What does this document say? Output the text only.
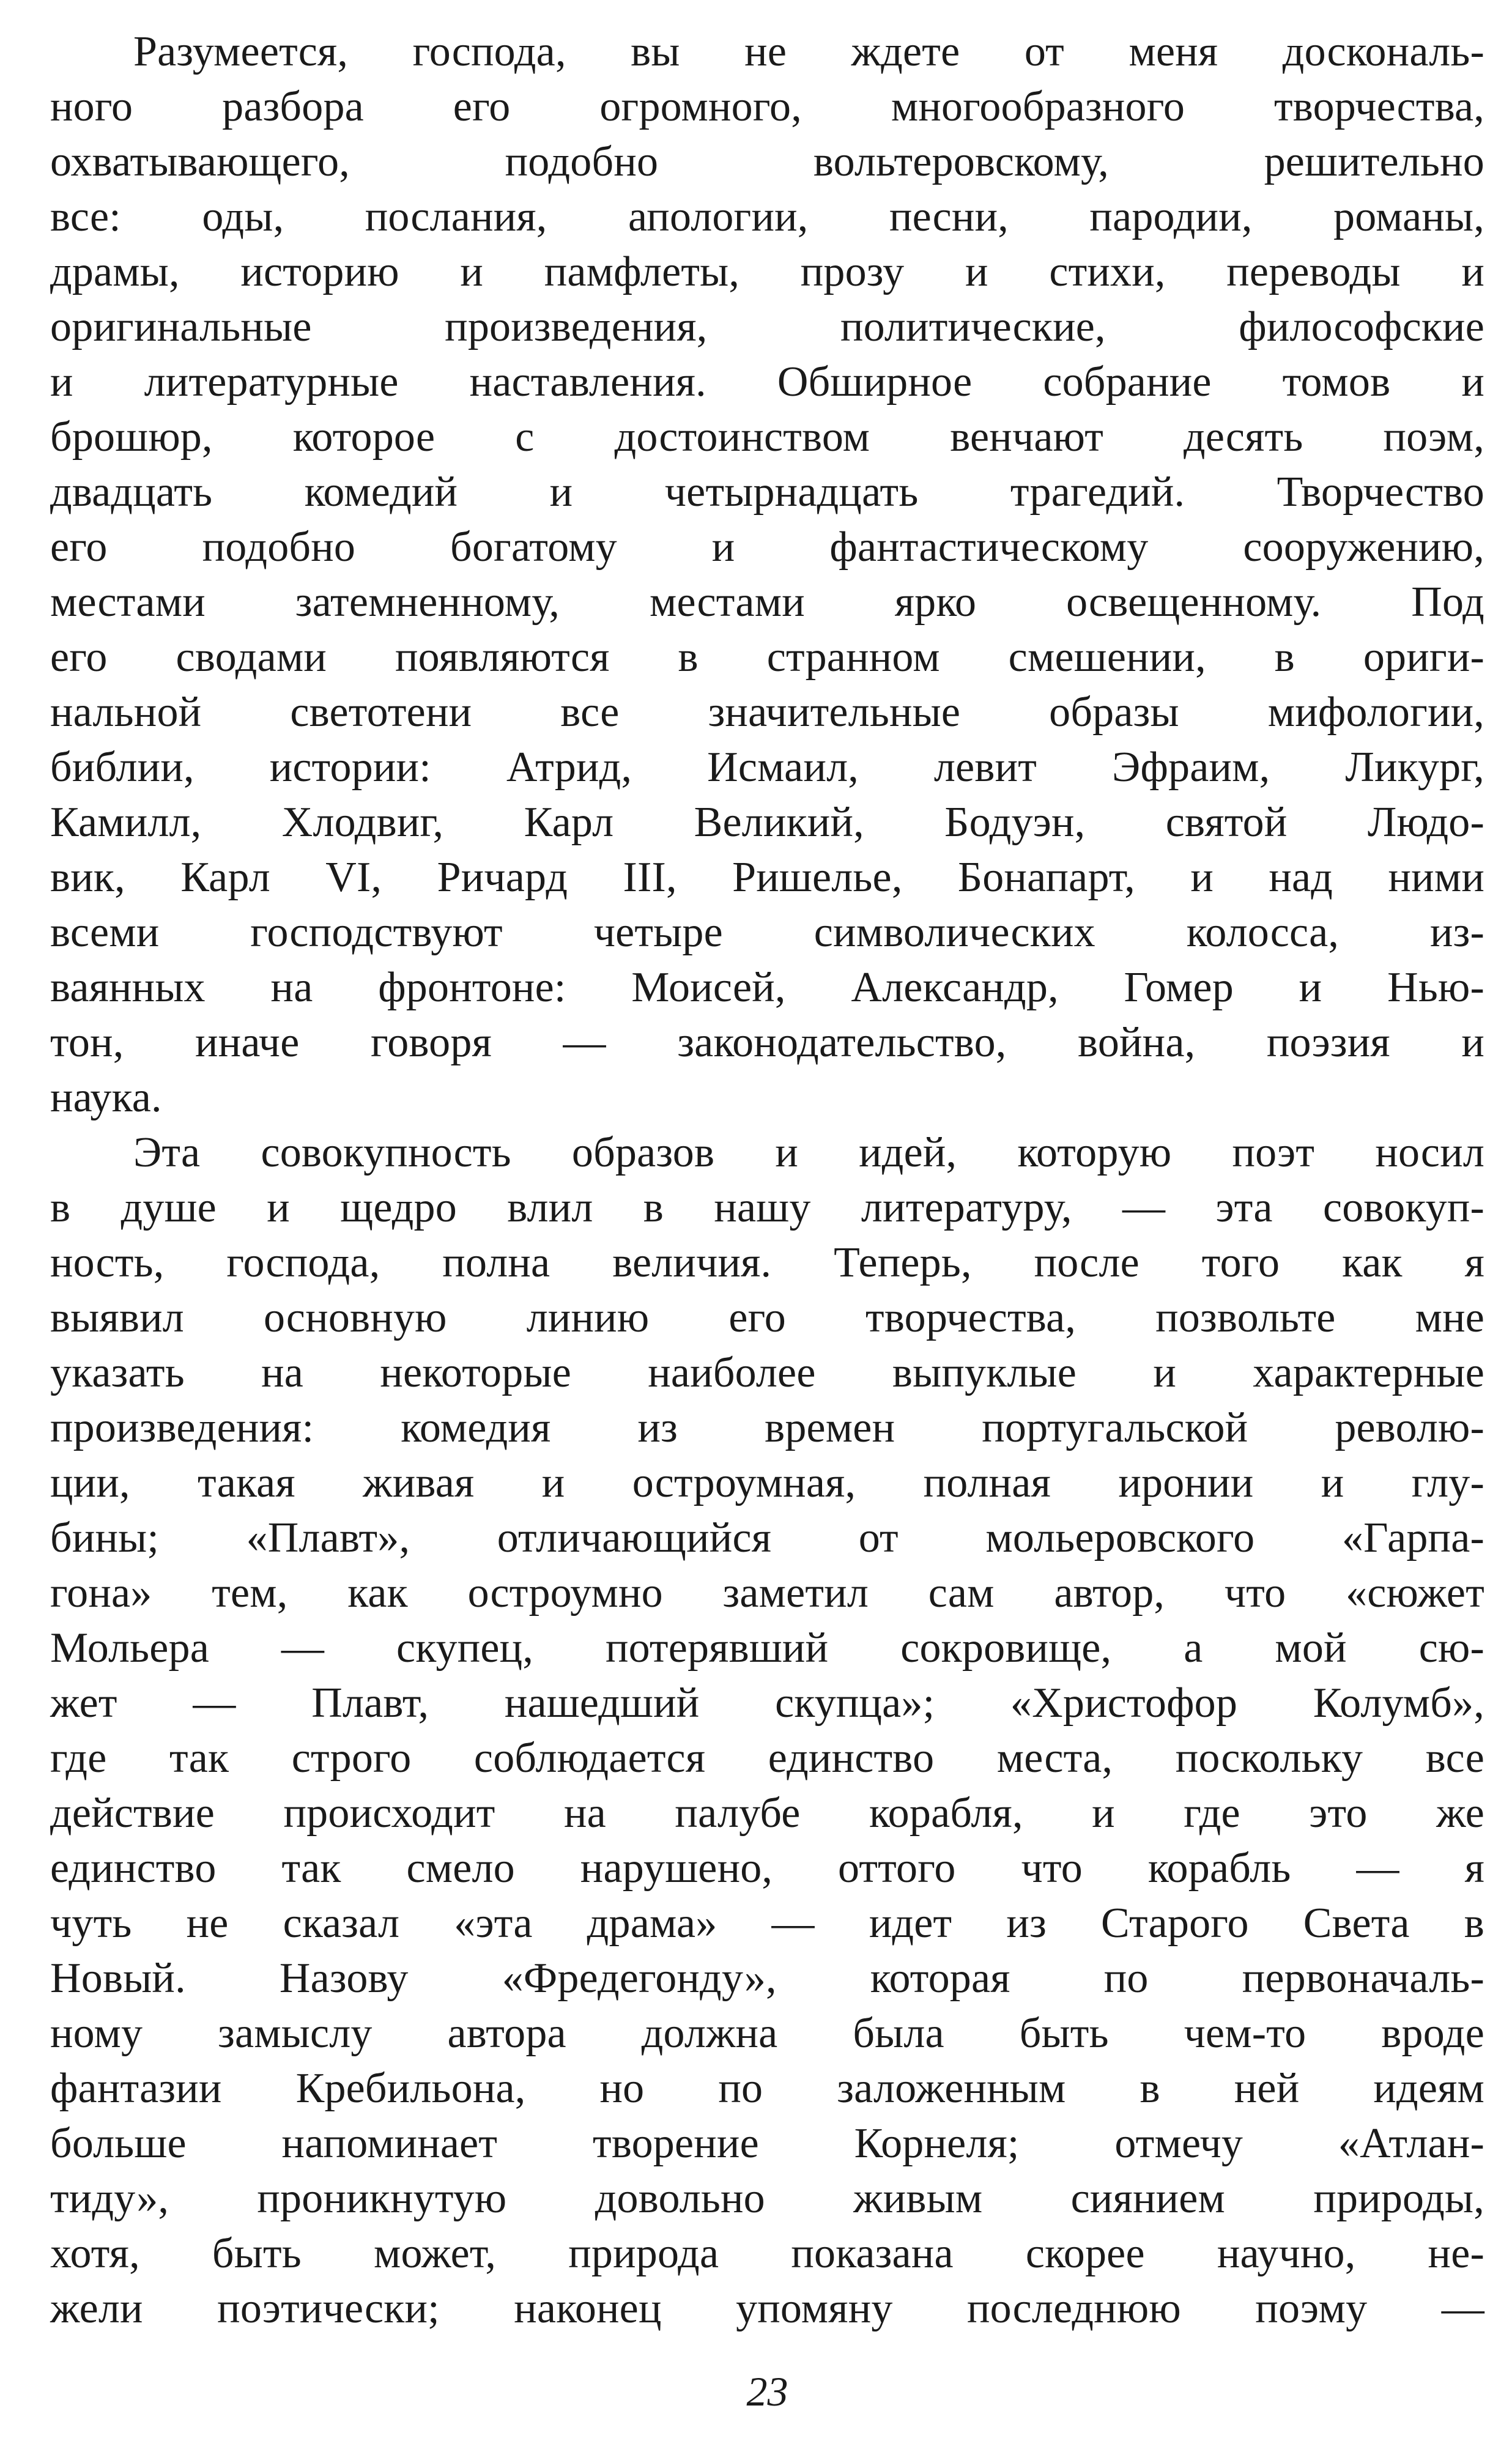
Разумеется, господа, вы не ждете от меня доскональ-
ного разбора его огромного, многообразного творчества,
охватывающего, подобно вольтеровскому, решительно
все: оды, послания, апологии, песни, пародии, романы,
драмы, историю и памфлеты, прозу и стихи, переводы и
оригинальные произведения, политические, философские
и литературные наставления. Обширное собрание томов и
брошюр, которое с достоинством венчают десять поэм,
двадцать комедий и четырнадцать трагедий. Творчество
его подобно богатому и фантастическому сооружению,
местами затемненному, местами ярко освещенному. Под
его сводами появляются в странном смешении, в ориги-
нальной светотени все значительные образы мифологии,
библии, истории: Атрид, Исмаил, левит Эфраим, Ликург,
Камилл, Хлодвиг, Карл Великий, Бодуэн, святой Людо-
вик, Карл VI, Ричард III, Ришелье, Бонапарт, и над ними
всеми господствуют четыре символических колосса, из-
ваянных на фронтоне: Моисей, Александр, Гомер и Нью-
тон, иначе говоря — законодательство, война, поэзия и
наука.
Эта совокупность образов и идей, которую поэт носил
в душе и щедро влил в нашу литературу, — эта совокуп-
ность, господа, полна величия. Теперь, после того как я
выявил основную линию его творчества, позвольте мне
указать на некоторые наиболее выпуклые и характерные
произведения: комедия из времен португальской револю-
ции, такая живая и остроумная, полная иронии и глу-
бины; «Плавт», отличающийся от мольеровского «Гарпа-
гона» тем, как остроумно заметил сам автор, что «сюжет
Мольера — скупец, потерявший сокровище, а мой сю-
жет — Плавт, нашедший скупца»; «Христофор Колумб»,
где так строго соблюдается единство места, поскольку все
действие происходит на палубе корабля, и где это же
единство так смело нарушено, оттого что корабль — я
чуть не сказал «эта драма» — идет из Старого Света в
Новый. Назову «Фредегонду», которая по первоначаль-
ному замыслу автора должна была быть чем-то вроде
фантазии Кребильона, но по заложенным в ней идеям
больше напоминает творение Корнеля; отмечу «Атлан-
тиду», проникнутую довольно живым сиянием природы,
хотя, быть может, природа показана скорее научно, не-
жели поэтически; наконец упомяну последнюю поэму —
23
